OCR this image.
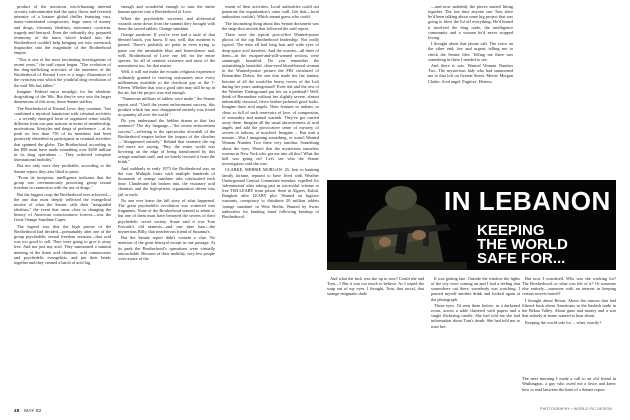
product of the notorious witch-hunting internal security subcommittee had the spicy flavor and feverish intensity of a bizarre global thriller featuring vast, many-continented conspiracies, huge sums of money and drugs, visionary idealism, mercenary cynicism, tragedy and betrayal. Even the ordinarily dry, prepared testimony of the narcs which leaked into the Brotherhood couldn't help bringing out into awestruck rhapsodies into the magnitude of the Brotherhood empire.

"This is one of the most fascinating investigations of recent years," the staff report began. "The evolution of the drug-trafficking activities of the members of the Brotherhood of Eternal Love is a tragic illustration of the cynicism into which the youthful drug revolution of the mid '60s has fallen."

Imagine. Federal narcs nostalgic for the idealistic drug-taking of the '60s. But they're very into the larger dimensions of this story, these Senate staffers.

The Brotherhood of Eternal Love, they continue, "has combined a mystical fanaticism with criminal activities ... a recently emerged form of organized crime totally different from our past notions in terms of membership, motivations, lifestyles and drugs of preference ... at its peak no less than 750 of its members had been positively identified as participants in criminal activities that spanned the globe. The Brotherhood according to the IRS must have made something over $200 million in its drug operations ... They achieved complete international mobility."

But not only were they profitable, according to the Senate report, they also liked to party:

"From its inception, intelligence indicates that the group was ceremoniously practicing group sexual freedom in connection with the use of drugs."

But the biggest coup the Brotherhood ever achieved—the one that most deeply reflected the evangelical motive of what the Senate calls their "misguided idealism," the event that came close to changing the history of American consciousness forever—was the Great Orange Sunshine Caper.

The legend was that the high priests of the Brotherhood had decided—presumably after one of the group psychedelic sexual freedom sessions—that acid was too good to sell. They were going to give it away free. And not just any acid. They summoned a summit meeting of the finest acid chemists, acid connoisseurs and psychedelic evangelists, and put their heads together and they created a batch of acid big

enough and wonderful enough to turn the entire human species into a Brotherhood of Love.

When the psychedelic sorcerers and alchemical wizards came down from the summit they brought with them the sacred tablets. Orange sunshine.

Orange sunshine. If you've ever had a taste of that blessed batch, you know. If not, well, that moment is passed. There's probably no point in even trying to parse out the unsuitable bliss and benevolence and, well, Brotherhood of Love one felt for the entire species, for all of sentient existence and most of the nonsentient too, for that matter.

Well, it will not make the ecstatic religious experience ordinarily granted to starving visionaries once every millennium available to the checkout guy at the 7-Eleven. Whether that was a good idea may still be up in the air, but the project was real enough.

"Numerous millions of tablets were made," the Senate report said. "Until the recent enforcement success, this product which has now disappeared entirely was found in quantity all over the world."

Do you understand the hidden drama in that last sentence? The dry language—"the recent enforcement success"—referring to the spectacular downfall of the Brotherhood empire before the impact of the clincher—"disappeared entirely." Behind that sentence the top fed narcs are saying, "Hey, the entire world was hovering on the edge of being transformed by this orange sunshine stuff, and we barely rescued it from the brink."

And suddenly in early 1973 the Brotherhood was on the run. Multiple busts with multiple hundreds of thousands of orange sunshine tabs confiscated each time. Clandestine lab broken into, the visionary acid chemists and the high-priests organization driven into jail or exile.

No one ever knew the full story of what happened. The great psychedelic revolution was scattered into fragments. None of the Brotherhood wanted to admit it, but one of them must have betrayed the secrets of their psychedelic secret society. Some said it was Tom Forcade's old nemesis—and one time hate—the mysterious Billy, that treacherous friend of Susanna's.

But the Senate report didn't contain a clue. No mention of the great betrayal except in one passage: At its peak the Brotherhood's operations were virtually untouchable. Because of their mobility, very few people were aware of the

extent of their activities. Local authorities could not penetrate the organization's outer wall. Get that—local authorities couldn't. Which meant guess who could.

The fascinating thing about this Senate document was the snap-shot section that followed the staff report.

There were the typical post-office Wanted-poster photos of the top Brotherhood leadership. Not really typical. The men all had long hair and wide eyes of deep-space acid travelers. And the women—all three of them—in the escaped-and-still-wanted section, were stunningly beautiful. Do you remember the astonishingly beautiful, clear-eyed blond-haired woman in the Wanted-poster picture the FBI circulated of Bernardine Dohrn, the one that made her the fantasy heroine of all the would-be heavy rovers of the Left during her years underground? Even she and the rest of the Weather Underground put her on a pedestal? Well, think of Bernardine without her slightly severe, almost unbearably classical, fierce leather-jacketed good looks. Imagine three acid angels. Their features so radiant, so clear, so full of such reservoirs of love, of compassion, of sensuality and animal warmth. They've got carried away there. Imagine all the usual attractiveness of acid angels and add the provocative sense of mystery of secrets to fathom, of mischief. Imagine ... But wait a minute—Was I imagining something, or wasn't Wanted Woman Number Two there very familiar. Something about the eyes. Wasn't that the mysterious nameless woman in New York who got me into all this? What the hell was going on? Let's see who the Senate investigators said she was:

CLARKE, MERRIE MORGAN: 25, heir to banking family fortune, reputed to have lived with Weather Underground Central Committee member, expelled for 'adventurism' after taking part in successful scheme to free TIM LEARY from prison. Seen in Algiers, Kabul, Bangkok after LEARY plot. Wanted on fugitive warrants, conspiracy to distribute 20 million tablets 'orange sunshine' in West Berlin. Wanted by Swiss authorities for banking fraud following breakup of Brotherhood.

—and now suddenly the pieces started fitting together. The last time anyone saw Tom alive he'd been talking about some big project that was going to blow the lid off everything. He'd hinted it involved the drug trade, the intelligence community and a woman he'd never stopped loving.

I thought about that phone call. The voice on the other end, low and urgent, telling me to check the Senate files. Telling me there was something in there I needed to see.

And there it was. Wanted Woman Number Two. The mysterious lady who had summoned me to that loft on Greene Street. Merrie Morgan Clarke. Acid angel. Fugitive. Heiress.

IN LEBANON
KEEPING
THE WORLD
SAFE FOR...

And what the fuck was she up to now? Could she and Tom—? But it was too much to believe. As I wiped the soup out of my eyes, I thought, Tom, that rascal, that strange enigmatic dude

It was getting late. Outside the window the lights of the city were coming on and I had a feeling that somewhere out there, somebody was watching. I poured myself another drink and looked again at the photograph.

Those eyes. I'd seen them before, in a darkened room, across a table cluttered with papers and a single flickering candle. She had told me she had information about Tom's death. She had told me to trust her.

But now I wondered. Who was she working for? The Brotherhood, or what was left of it? Or someone else entirely—someone with an interest in keeping certain secrets buried?

I thought about Beirut. About the rumors that had filtered back about Americans in the hashish trade in the Bekaa Valley. About guns and money and a war that nobody at home wanted to hear about.

Keeping the world safe for ... what, exactly?

The next morning I made a call to an old friend in Washington, a guy who owed me a favor and knew how to read between the lines of a Senate report.

48 MAY 82	PHOTOGRAPHY • WORLD PIC DESIGN
